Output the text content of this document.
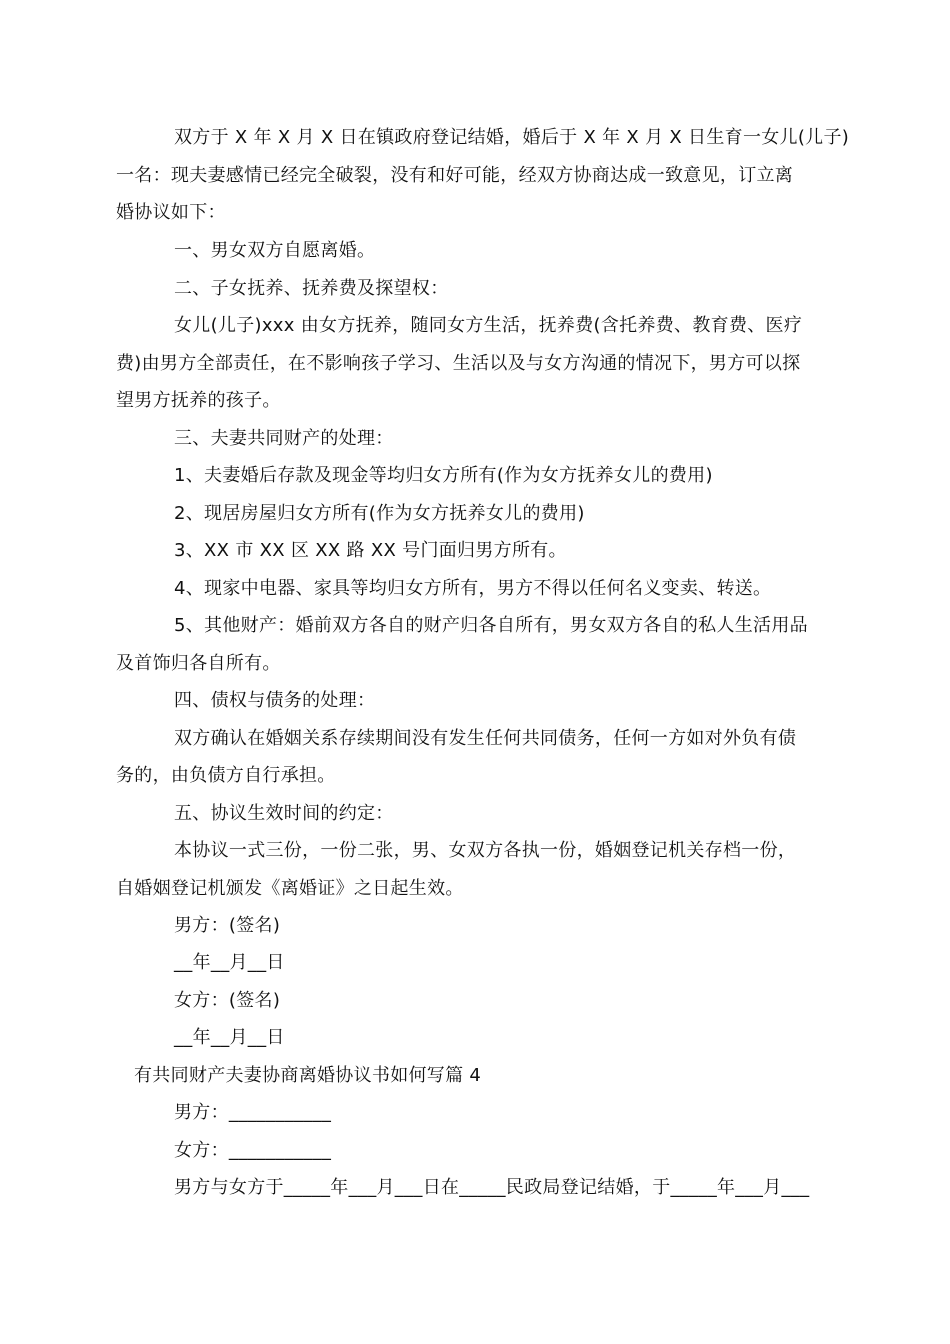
双方于 X 年 X 月 X 日在镇政府登记结婚，婚后于 X 年 X 月 X 日生育一女儿(儿子)
一名：现夫妻感情已经完全破裂，没有和好可能，经双方协商达成一致意见，订立离
婚协议如下：
一、男女双方自愿离婚。
二、子女抚养、抚养费及探望权：
女儿(儿子)xxx 由女方抚养，随同女方生活，抚养费(含托养费、教育费、医疗
费)由男方全部责任，在不影响孩子学习、生活以及与女方沟通的情况下，男方可以探
望男方抚养的孩子。
三、夫妻共同财产的处理：
1、夫妻婚后存款及现金等均归女方所有(作为女方抚养女儿的费用)
2、现居房屋归女方所有(作为女方抚养女儿的费用)
3、XX 市 XX 区 XX 路 XX 号门面归男方所有。
4、现家中电器、家具等均归女方所有，男方不得以任何名义变卖、转送。
5、其他财产：婚前双方各自的财产归各自所有，男女双方各自的私人生活用品
及首饰归各自所有。
四、债权与债务的处理：
双方确认在婚姻关系存续期间没有发生任何共同债务，任何一方如对外负有债
务的，由负债方自行承担。
五、协议生效时间的约定：
本协议一式三份，一份二张，男、女双方各执一份，婚姻登记机关存档一份，
自婚姻登记机颁发《离婚证》之日起生效。
男方：(签名)
__年__月__日
女方：(签名)
__年__月__日
有共同财产夫妻协商离婚协议书如何写篇 4
男方：___________
女方：___________
男方与女方于_____年___月___日在_____民政局登记结婚，于_____年___月___
